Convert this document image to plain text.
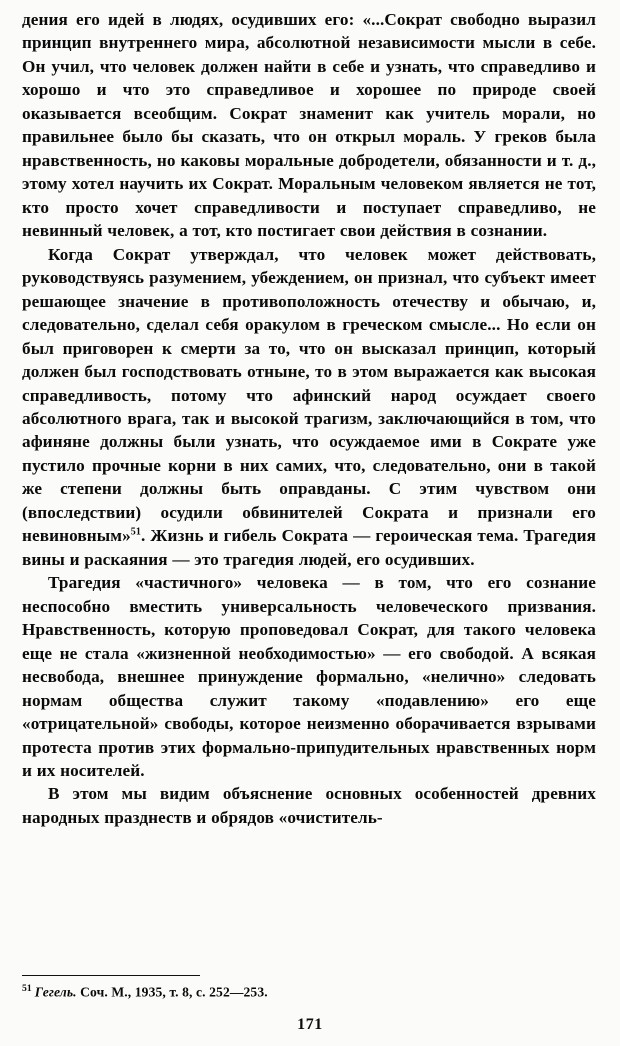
дения его идей в людях, осудивших его: «...Сократ свободно выразил принцип внутреннего мира, абсолютной независимости мысли в себе. Он учил, что человек должен найти в себе и узнать, что справедливо и хорошо и что это справедливое и хорошее по природе своей оказывается всеобщим. Сократ знаменит как учитель морали, но правильнее было бы сказать, что он открыл мораль. У греков была нравственность, но каковы моральные добродетели, обязанности и т. д., этому хотел научить их Сократ. Моральным человеком является не тот, кто просто хочет справедливости и поступает справедливо, не невинный человек, а тот, кто постигает свои действия в сознании.

Когда Сократ утверждал, что человек может действовать, руководствуясь разумением, убеждением, он признал, что субъект имеет решающее значение в противоположность отечеству и обычаю, и, следовательно, сделал себя оракулом в греческом смысле... Но если он был приговорен к смерти за то, что он высказал принцип, который должен был господствовать отныне, то в этом выражается как высокая справедливость, потому что афинский народ осуждает своего абсолютного врага, так и высокой трагизм, заключающийся в том, что афиняне должны были узнать, что осуждаемое ими в Сократе уже пустило прочные корни в них самих, что, следовательно, они в такой же степени должны быть оправданы. С этим чувством они (впоследствии) осудили обвинителей Сократа и признали его невиновным»$^{51}$. Жизнь и гибель Сократа — героическая тема. Трагедия вины и раскаяния — это трагедия людей, его осудивших.

Трагедия «частичного» человека — в том, что его сознание неспособно вместить универсальность человеческого призвания. Нравственность, которую проповедовал Сократ, для такого человека еще не стала «жизненной необходимостью» — его свободой. А всякая несвобода, внешнее принуждение формально, «нелично» следовать нормам общества служит такому «подавлению» его еще «отрицательной» свободы, которое неизменно оборачивается взрывами протеста против этих формально-припудительных нравственных норм и их носителей.

В этом мы видим объяснение основных особенностей древних народных празднеств и обрядов «очиститель-

$^{51}$ Гегель. Соч. М., 1935, т. 8, с. 252—253.
171
